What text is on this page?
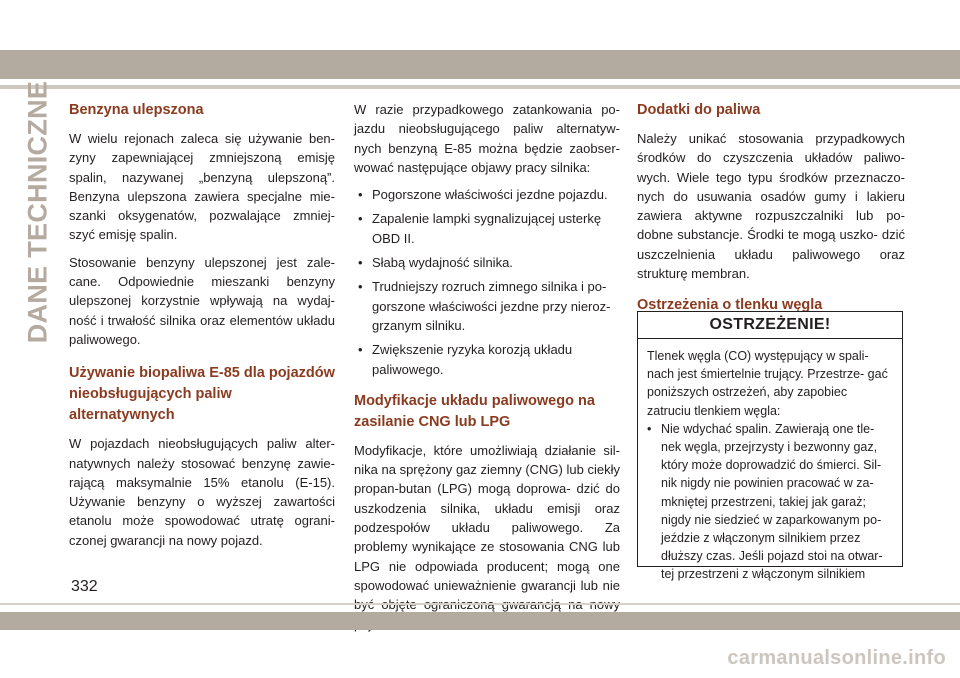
DANE TECHNICZNE Benzyna ulepszona

W wielu rejonach zaleca się używanie ben- zyny zapewniającej zmniejszoną emisję spalin, nazywanej „benzyną ulepszoną”. Benzyna ulepszona zawiera specjalne mie- szanki oksygenatów, pozwalające zmniej- szyć emisję spalin.

Stosowanie benzyny ulepszonej jest zale- cane. Odpowiednie mieszanki benzyny ulepszonej korzystnie wpływają na wydaj- ność i trwałość silnika oraz elementów układu paliwowego.

Używanie biopaliwa E-85 dla pojazdów nieobsługujących paliw alternatywnych

W pojazdach nieobsługujących paliw alter- natywnych należy stosować benzynę zawie- rającą maksymalnie 15% etanolu (E-15). Używanie benzyny o wyższej zawartości etanolu może spowodować utratę ograni- czonej gwarancji na nowy pojazd.

W razie przypadkowego zatankowania po- jazdu nieobsługującego paliw alternatyw- nych benzyną E-85 można będzie zaobser- wować następujące objawy pracy silnika:

• Pogorszone właściwości jezdne pojazdu.
• Zapalenie lampki sygnalizującej usterkę OBD II.
• Słabą wydajność silnika.
• Trudniejszy rozruch zimnego silnika i po- gorszone właściwości jezdne przy nieroz- grzanym silniku.
• Zwiększenie ryzyka korozją układu paliwowego.
Modyfikacje układu paliwowego na zasilanie CNG lub LPG

Modyfikacje, które umożliwiają działanie sil- nika na sprężony gaz ziemny (CNG) lub ciekły propan-butan (LPG) mogą doprowa- dzić do uszkodzenia silnika, układu emisji oraz podzespołów układu paliwowego. Za problemy wynikające ze stosowania CNG lub LPG nie odpowiada producent; mogą one spowodować unieważnienie gwarancji lub nie

Dodatki do paliwa

Należy unikać stosowania przypadkowych środków do czyszczenia układów paliwo- wych. Wiele tego typu środków przeznaczo- nych do usuwania osadów gumy i lakieru zawiera aktywne rozpuszczalniki lub po- dobne substancje. Środki te mogą uszko- dzić uszczelnienia układu paliwowego oraz strukturę membran.

Ostrzeżenia o tlenku węgla
OSTRZEŻENIE!

Tlenek węgla (CO) występujący w spali- nach jest śmiertelnie trujący. Przestrze- gać poniższych ostrzeżeń, aby zapobiec zatruciu tlenkiem węgla:

• Nie wdychać spalin. Zawierają one tle- nek węgla, przejrzysty i bezwonny gaz, który może doprowadzić do śmierci. Sil- nik nigdy nie powinien pracować w za- mkniętej przestrzeni, takiej jak garaż; nigdy nie siedzieć w zaparkowanym po- jeździe z włączonym silnikiem przez dłuższy czas. Jeśli pojazd stoi na otwar- tej przestrzeni z włączonym silnikiem
332
carmanualsonline.info
